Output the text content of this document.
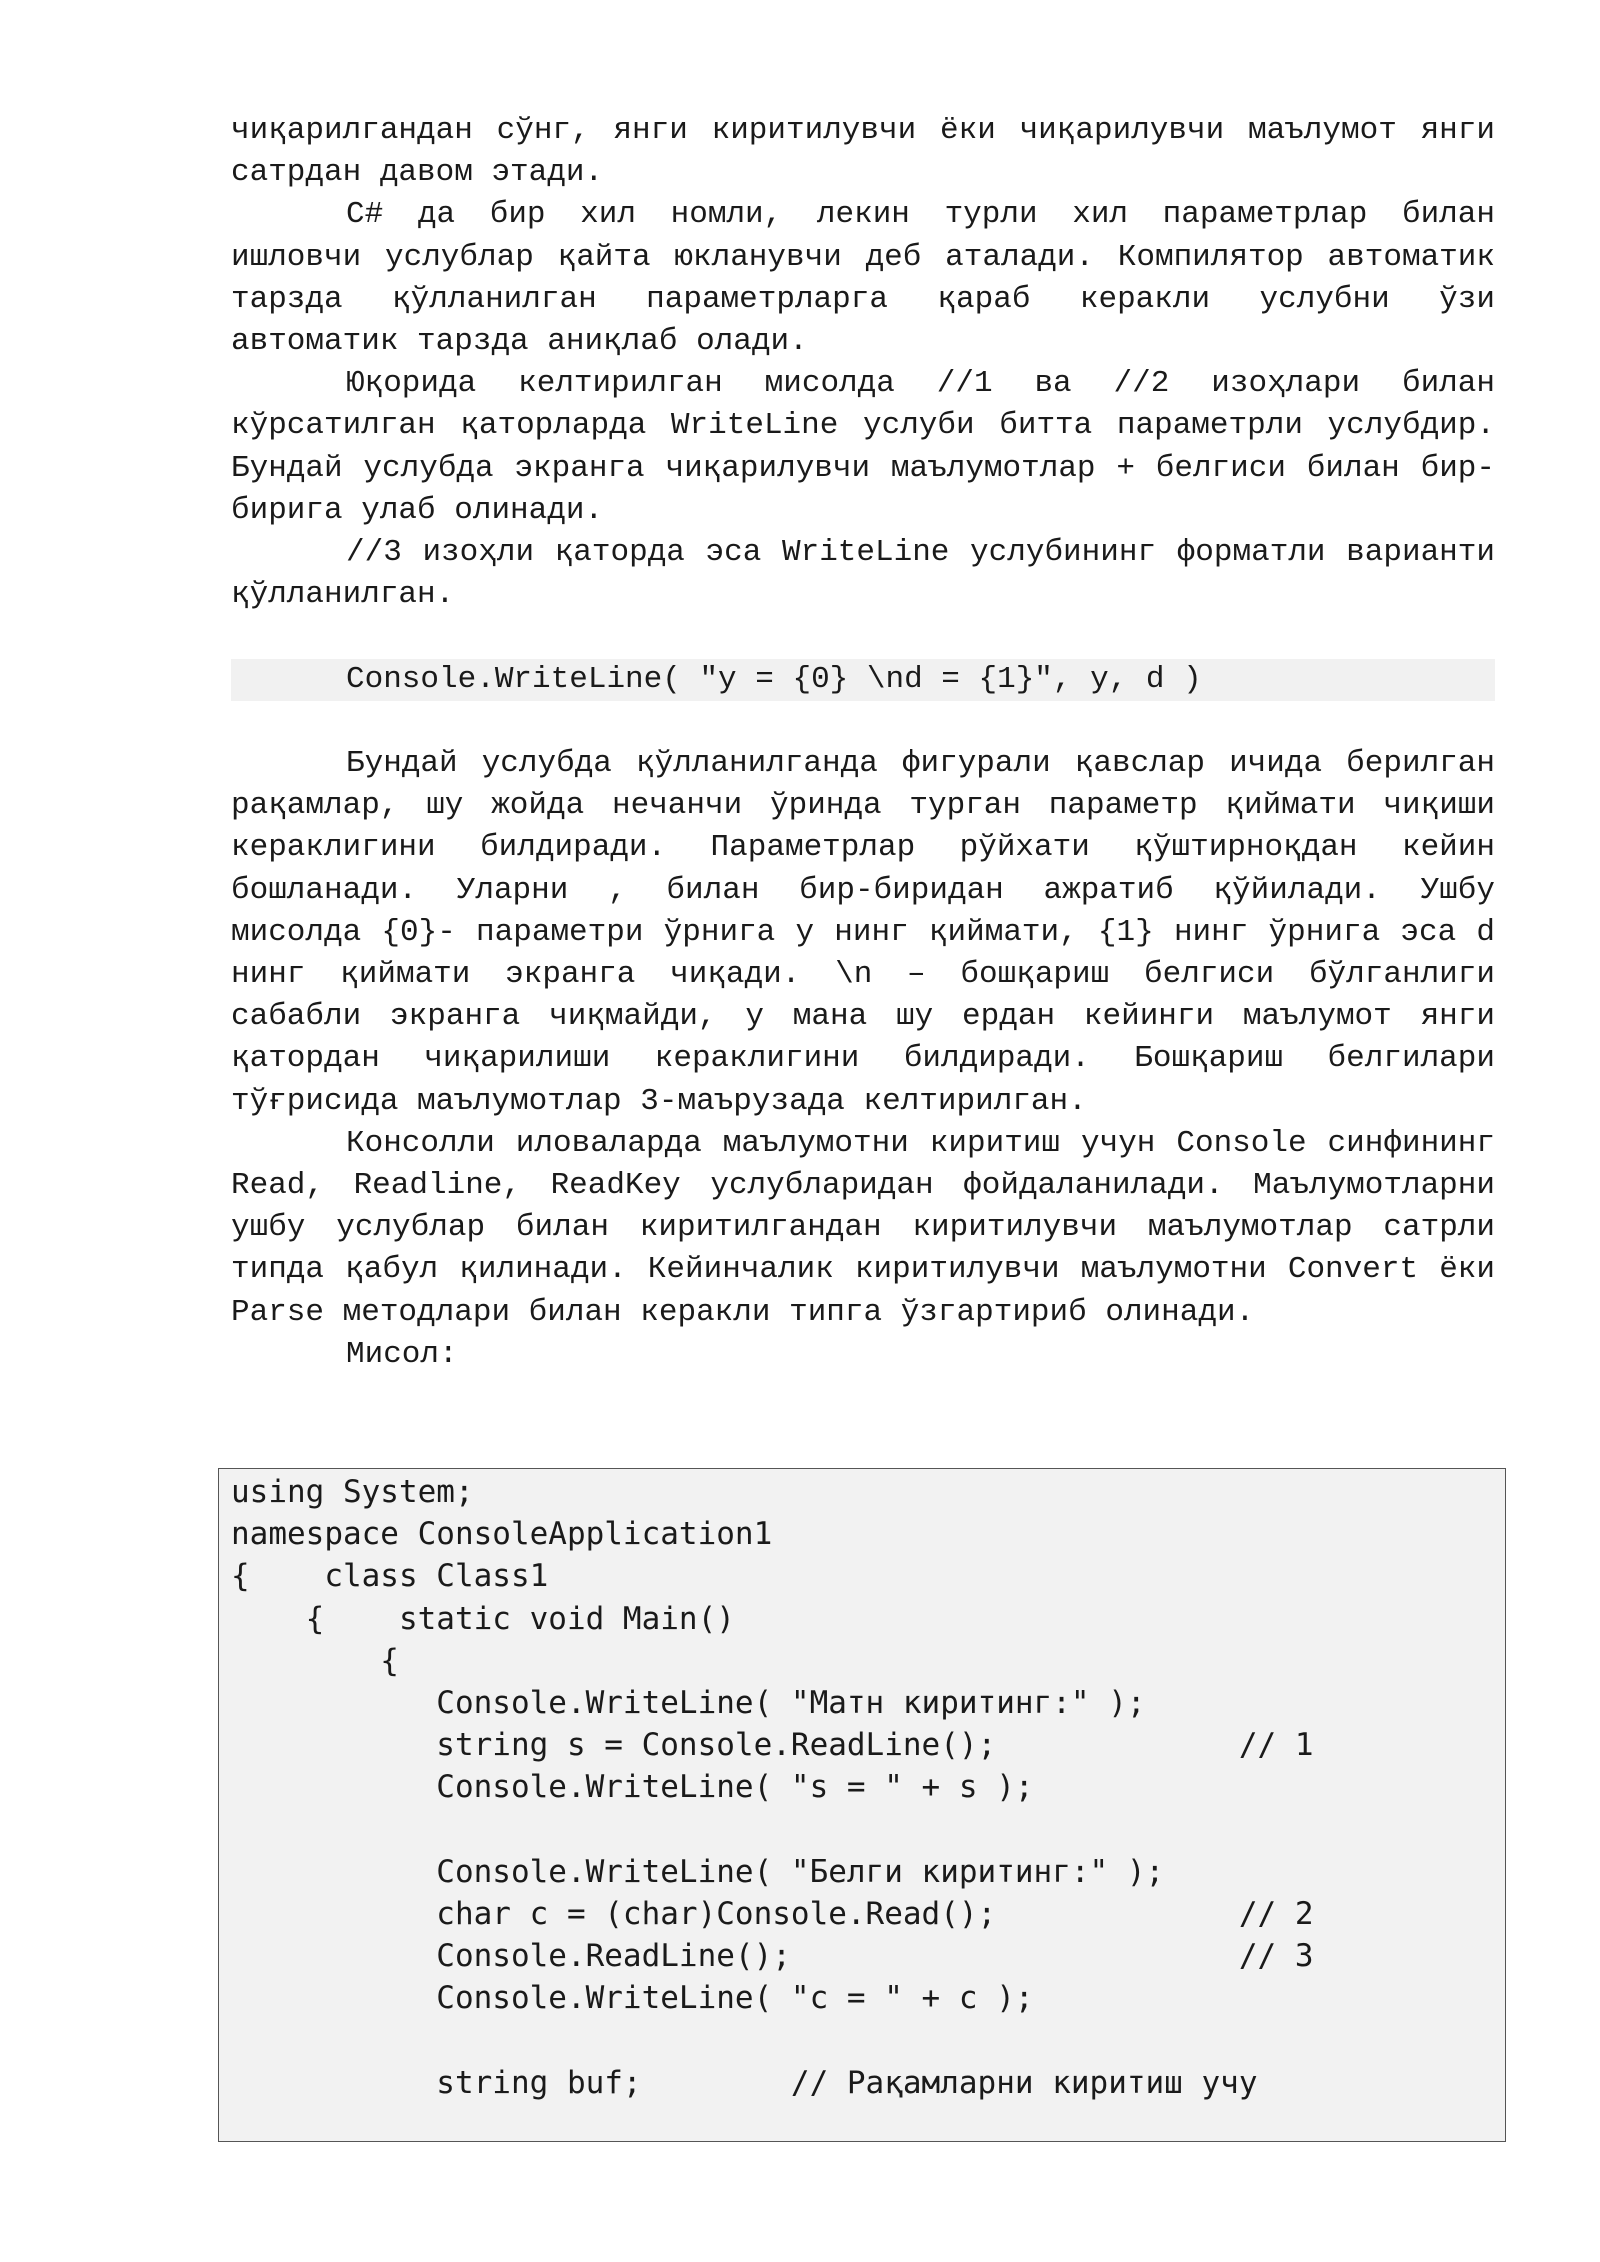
чиқарилгандан сўнг, янги киритилувчи ёки чиқарилувчи маълумот янги сатрдан давом этади.
C# да бир хил номли, лекин турли хил параметрлар билан ишловчи услублар қайта юкланувчи деб аталади. Компилятор автоматик тарзда қўлланилган параметрларга қараб керакли услубни ўзи автоматик тарзда аниқлаб олади.
Юқорида келтирилган мисолда //1 ва //2 изоҳлари билан кўрсатилган қаторларда WriteLine услуби битта параметрли услубдир. Бундай услубда экранга чиқарилувчи маълумотлар + белгиси билан бир-бирига улаб олинади.
//3 изоҳли қаторда эса WriteLine услубининг форматли варианти қўлланилган.
Console.WriteLine( "y = {0} \nd = {1}", y, d )
Бундай услубда қўлланилганда фигурали қавслар ичида берилган рақамлар, шу жойда нечанчи ўринда турган параметр қиймати чиқиши кераклигини билдиради. Параметрлар рўйхати қўштирноқдан кейин бошланади. Уларни , билан бир-биридан ажратиб қўйилади. Ушбу мисолда {0}- параметри ўрнига y нинг қиймати, {1} нинг ўрнига эса d нинг қиймати экранга чиқади. \n – бошқариш белгиси бўлганлиги сабабли экранга чиқмайди, у мана шу ердан кейинги маълумот янги қатордан чиқарилиши кераклигини билдиради. Бошқариш белгилари тўғрисида маълумотлар 3-маърузада келтирилган.
Консолли иловаларда маълумотни киритиш учун Console синфининг Read, Readline, ReadKey услубларидан фойдаланилади. Маълумотларни ушбу услублар билан киритилгандан киритилувчи маълумотлар сатрли типда қабул қилинади. Кейинчалик киритилувчи маълумотни Convert ёки Parse методлари билан керакли типга ўзгартириб олинади.
Мисол:
using System;
namespace ConsoleApplication1
{    class Class1
{    static void Main()
{
Console.WriteLine( "Матн киритинг:" );
string s = Console.ReadLine();             // 1
Console.WriteLine( "s = " + s );

Console.WriteLine( "Белги киритинг:" );
char c = (char)Console.Read();             // 2
Console.ReadLine();                        // 3
Console.WriteLine( "c = " + c );

string buf;        // Рақамларни киритиш учу
